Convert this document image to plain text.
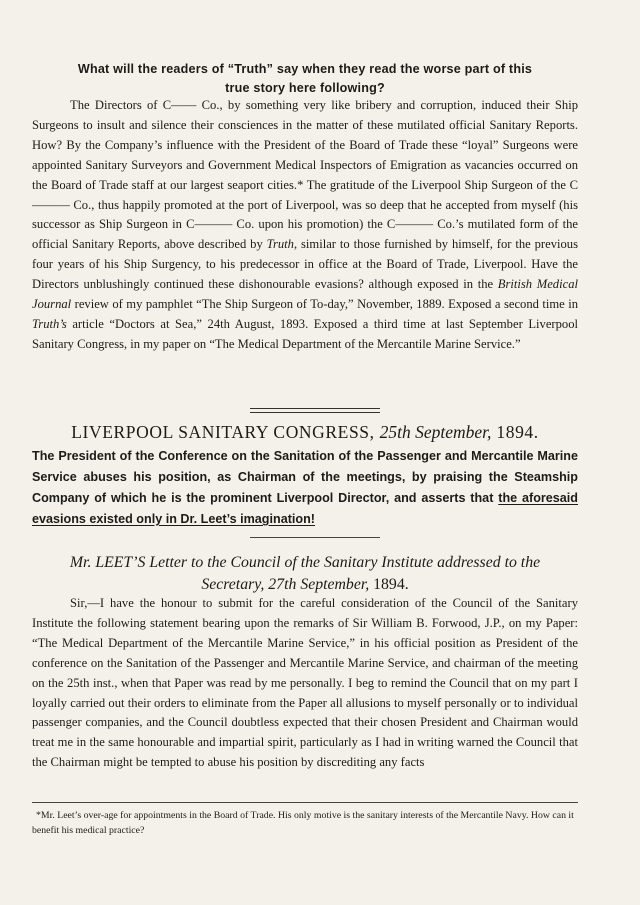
What will the readers of “Truth” say when they read the worse part of this
true story here following?

The Directors of C—— Co., by something very like bribery and corruption, induced their Ship Surgeons to insult and silence their consciences in the matter of these mutilated official Sanitary Reports. How? By the Company’s influence with the President of the Board of Trade these “loyal” Surgeons were appointed Sanitary Surveyors and Government Medical Inspectors of Emigration as vacancies occurred on the Board of Trade staff at our largest seaport cities.* The gratitude of the Liverpool Ship Surgeon of the C——— Co., thus happily promoted at the port of Liverpool, was so deep that he accepted from myself (his successor as Ship Surgeon in C——— Co. upon his promotion) the C——— Co.’s mutilated form of the official Sanitary Reports, above described by Truth, similar to those furnished by himself, for the previous four years of his Ship Surgency, to his predecessor in office at the Board of Trade, Liverpool. Have the Directors unblushingly continued these dishonourable evasions? although exposed in the British Medical Journal review of my pamphlet “The Ship Surgeon of To-day,” November, 1889. Exposed a second time in Truth’s article “Doctors at Sea,” 24th August, 1893. Exposed a third time at last September Liverpool Sanitary Congress, in my paper on “The Medical Department of the Mercantile Marine Service.”

LIVERPOOL SANITARY CONGRESS, 25th September, 1894.

The President of the Conference on the Sanitation of the Passenger and Mercantile Marine Service abuses his position, as Chairman of the meetings, by praising the Steamship Company of which he is the prominent Liverpool Director, and asserts that the aforesaid evasions existed only in Dr. Leet’s imagination!

Mr. LEET’S Letter to the Council of the Sanitary Institute addressed to the
Secretary, 27th September, 1894.

Sir,—I have the honour to submit for the careful consideration of the Council of the Sanitary Institute the following statement bearing upon the remarks of Sir William B. Forwood, J.P., on my Paper: “The Medical Department of the Mercantile Marine Service,” in his official position as President of the conference on the Sanitation of the Passenger and Mercantile Marine Service, and chairman of the meeting on the 25th inst., when that Paper was read by me personally. I beg to remind the Council that on my part I loyally carried out their orders to eliminate from the Paper all allusions to myself personally or to individual passenger companies, and the Council doubtless expected that their chosen President and Chairman would treat me in the same honourable and impartial spirit, particularly as I had in writing warned the Council that the Chairman might be tempted to abuse his position by discrediting any facts

*Mr. Leet’s over-age for appointments in the Board of Trade. His only motive is the sanitary interests of the Mercantile Navy. How can it benefit his medical practice?
